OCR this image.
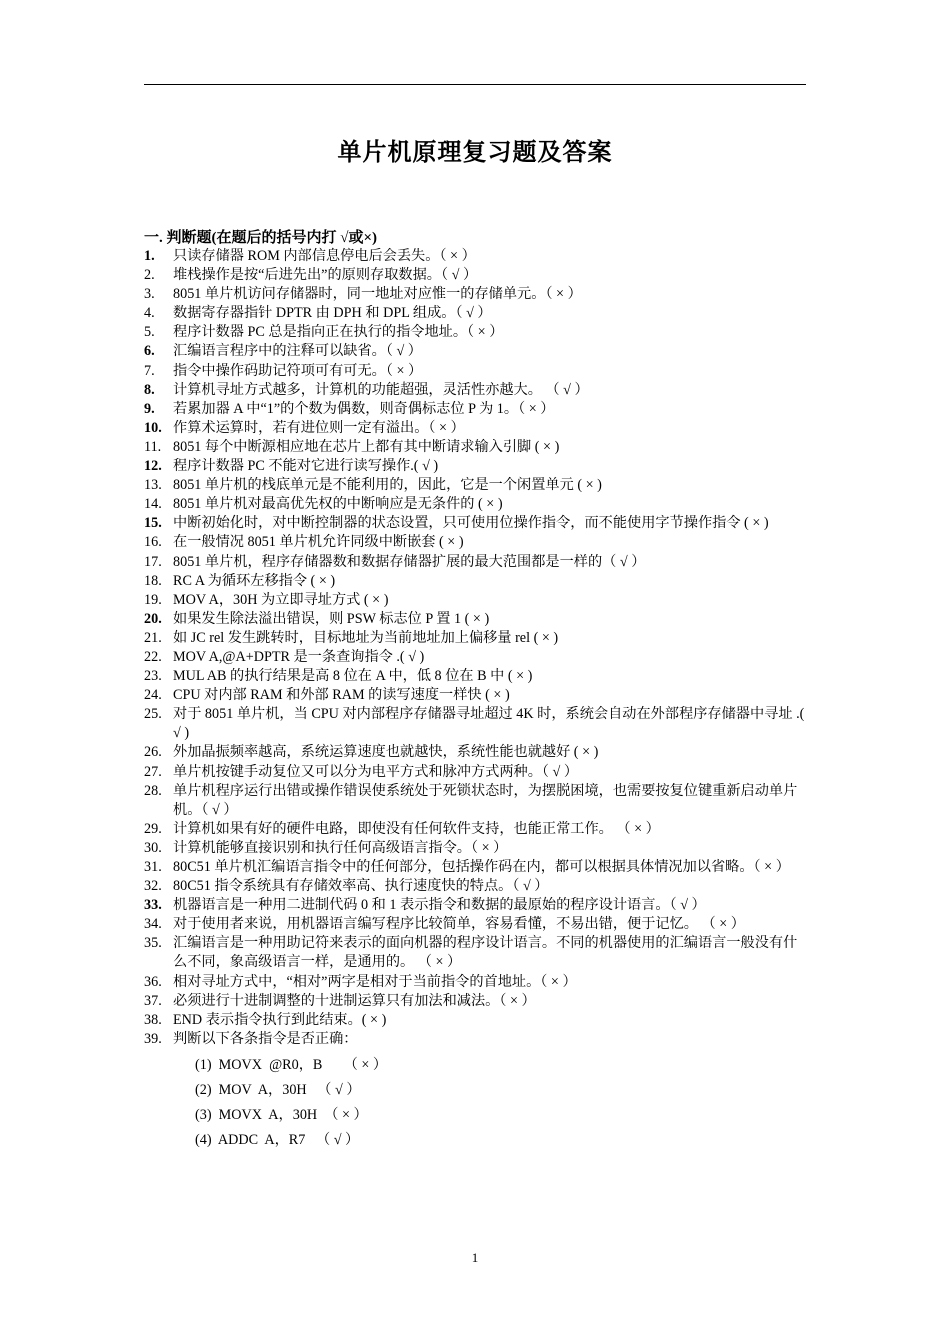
单片机原理复习题及答案
一. 判断题(在题后的括号内打 √或×)
1. 只读存储器 ROM 内部信息停电后会丢失。（ × ）
2. 堆栈操作是按“后进先出”的原则存取数据。（ √ ）
3. 8051 单片机访问存储器时，同一地址对应惟一的存储单元。（ × ）
4. 数据寄存器指针 DPTR 由 DPH 和 DPL 组成。（ √ ）
5. 程序计数器 PC 总是指向正在执行的指令地址。（ × ）
6. 汇编语言程序中的注释可以缺省。（ √ ）
7. 指令中操作码助记符项可有可无。（ × ）
8. 计算机寻址方式越多，计算机的功能超强，灵活性亦越大。 （ √ ）
9. 若累加器 A 中“1”的个数为偶数，则奇偶标志位 P 为 1。（ × ）
10. 作算术运算时，若有进位则一定有溢出。（ × ）
11. 8051 每个中断源相应地在芯片上都有其中断请求输入引脚 ( × )
12. 程序计数器 PC 不能对它进行读写操作.( √ )
13. 8051 单片机的栈底单元是不能利用的，因此，它是一个闲置单元 ( × )
14. 8051 单片机对最高优先权的中断响应是无条件的 ( × )
15. 中断初始化时，对中断控制器的状态设置，只可使用位操作指令，而不能使用字节操作指令 ( × )
16. 在一般情况 8051 单片机允许同级中断嵌套 ( × )
17. 8051 单片机，程序存储器数和数据存储器扩展的最大范围都是一样的（ √ ）
18. RC A 为循环左移指令 ( × )
19. MOV A，30H 为立即寻址方式 ( × )
20. 如果发生除法溢出错误，则 PSW 标志位 P 置 1 ( × )
21. 如 JC rel 发生跳转时，目标地址为当前地址加上偏移量 rel ( × )
22. MOV A,@A+DPTR 是一条查询指令 .( √ )
23. MUL AB 的执行结果是高 8 位在 A 中，低 8 位在 B 中 ( × )
24. CPU 对内部 RAM 和外部 RAM 的读写速度一样快 ( × )
25. 对于 8051 单片机，当 CPU 对内部程序存储器寻址超过 4K 时，系统会自动在外部程序存储器中寻址 .( √ )
26. 外加晶振频率越高，系统运算速度也就越快，系统性能也就越好 ( × )
27. 单片机按键手动复位又可以分为电平方式和脉冲方式两种。（ √ ）
28. 单片机程序运行出错或操作错误使系统处于死锁状态时，为摆脱困境，也需要按复位键重新启动单片机。（ √ ）
29. 计算机如果有好的硬件电路，即使没有任何软件支持，也能正常工作。 （ × ）
30. 计算机能够直接识别和执行任何高级语言指令。（ × ）
31. 80C51 单片机汇编语言指令中的任何部分，包括操作码在内，都可以根据具体情况加以省略。（ × ）
32. 80C51 指令系统具有存储效率高、执行速度快的特点。（ √ ）
33. 机器语言是一种用二进制代码 0 和 1 表示指令和数据的最原始的程序设计语言。（ √ ）
34. 对于使用者来说，用机器语言编写程序比较简单，容易看懂，不易出错，便于记忆。 （ × ）
35. 汇编语言是一种用助记符来表示的面向机器的程序设计语言。不同的机器使用的汇编语言一般没有什么不同，象高级语言一样，是通用的。 （ × ）
36. 相对寻址方式中，“相对”两字是相对于当前指令的首地址。（ × ）
37. 必须进行十进制调整的十进制运算只有加法和减法。（ × ）
38. END 表示指令执行到此结束。( × )
39. 判断以下各条指令是否正确：
(1)  MOVX  @R0，B      （ × ）
(2)  MOV  A，30H   （ √ ）
(3)  MOVX  A，30H  （ × ）
(4)  ADDC  A，R7   （ √ ）
1
